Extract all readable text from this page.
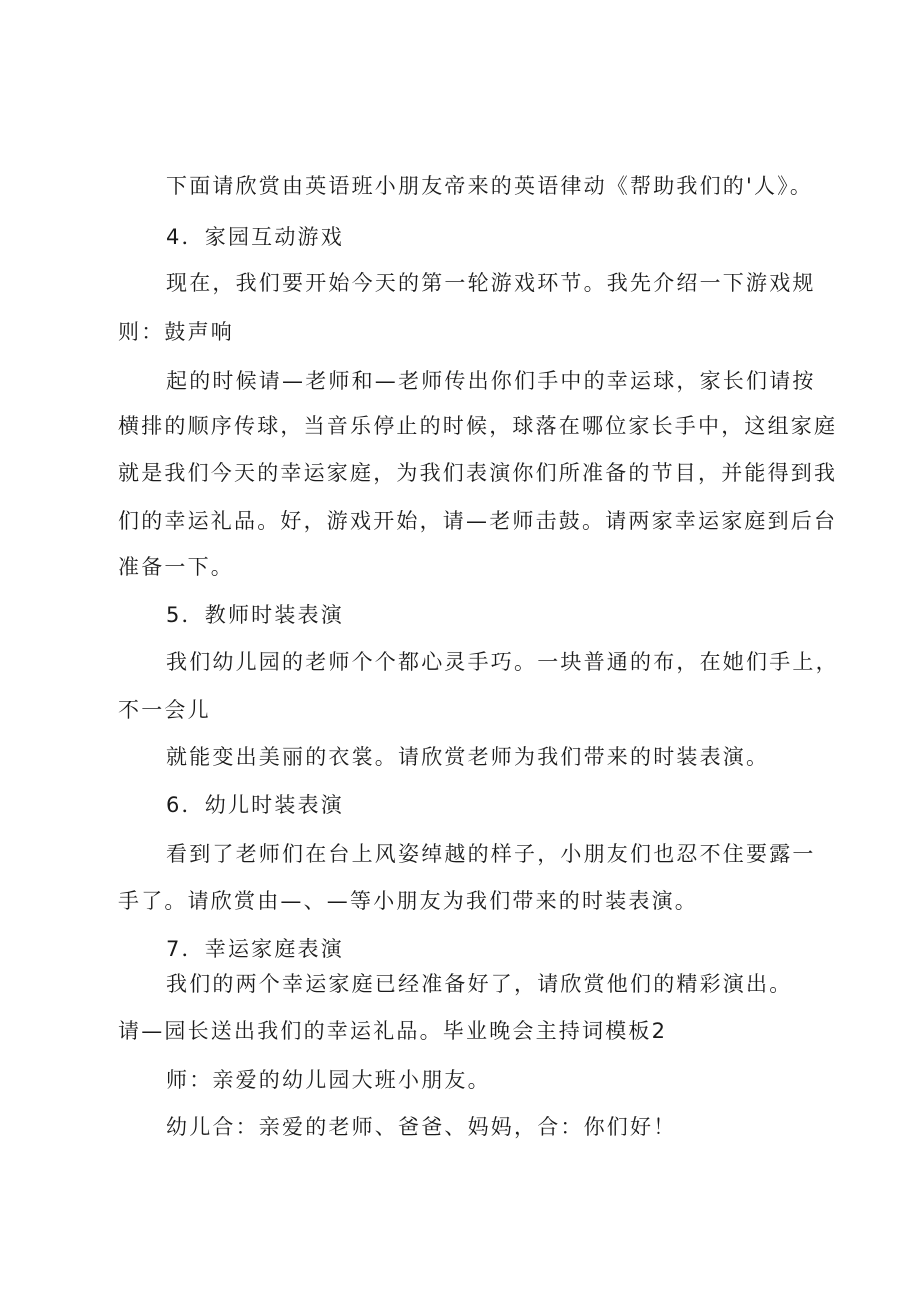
下面请欣赏由英语班小朋友帝来的英语律动《帮助我们的'人》。
4．家园互动游戏
现在，我们要开始今天的第一轮游戏环节。我先介绍一下游戏规
则：鼓声响
起的时候请—老师和—老师传出你们手中的幸运球，家长们请按
横排的顺序传球，当音乐停止的时候，球落在哪位家长手中，这组家庭
就是我们今天的幸运家庭，为我们表演你们所准备的节目，并能得到我
们的幸运礼品。好，游戏开始，请—老师击鼓。请两家幸运家庭到后台
准备一下。
5．教师时装表演
我们幼儿园的老师个个都心灵手巧。一块普通的布，在她们手上，
不一会儿
就能变出美丽的衣裳。请欣赏老师为我们带来的时装表演。
6．幼儿时装表演
看到了老师们在台上风姿绰越的样子，小朋友们也忍不住要露一
手了。请欣赏由—、—等小朋友为我们带来的时装表演。
7．幸运家庭表演
我们的两个幸运家庭已经准备好了，请欣赏他们的精彩演出。
请—园长送出我们的幸运礼品。毕业晚会主持词模板2
师：亲爱的幼儿园大班小朋友。
幼儿合：亲爱的老师、爸爸、妈妈，合：你们好！
